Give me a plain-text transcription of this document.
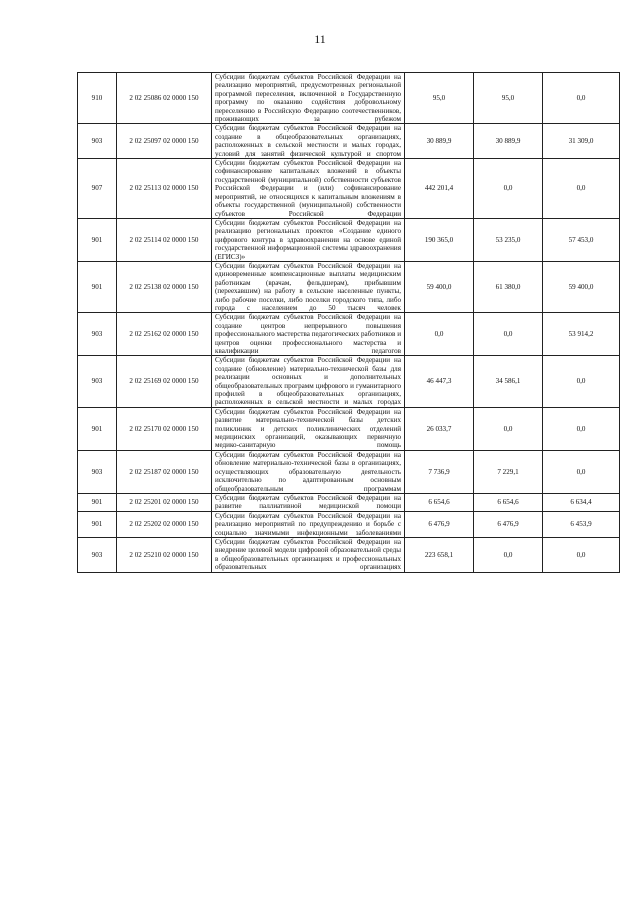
11
910	2 02 25086 02 0000 150	Субсидии бюджетам субъектов Российской Федерации на реализацию мероприятий, предусмотренных региональной программой переселения, включенной в Государственную программу по оказанию содействия добровольному переселению в Российскую Федерацию соотечественников, проживающих за рубежом	95,0	95,0	0,0
903	2 02 25097 02 0000 150	Субсидии бюджетам субъектов Российской Федерации на создание в общеобразовательных организациях, расположенных в сельской местности и малых городах, условий для занятий физической культурой и спортом	30 889,9	30 889,9	31 309,0
907	2 02 25113 02 0000 150	Субсидии бюджетам субъектов Российской Федерации на софинансирование капитальных вложений в объекты государственной (муниципальной) собственности субъектов Российской Федерации и (или) софинансирование мероприятий, не относящихся к капитальным вложениям в объекты государственной (муниципальной) собственности субъектов Российской Федерации	442 201,4	0,0	0,0
901	2 02 25114 02 0000 150	Субсидии бюджетам субъектов Российской Федерации на реализацию региональных проектов «Создание единого цифрового контура в здравоохранении на основе единой государственной информационной системы здравоохранения (ЕГИСЗ)»	190 365,0	53 235,0	57 453,0
901	2 02 25138 02 0000 150	Субсидии бюджетам субъектов Российской Федерации на единовременные компенсационные выплаты медицинским работникам (врачам, фельдшерам), прибывшим (переехавшим) на работу в сельские населенные пункты, либо рабочие поселки, либо поселки городского типа, либо города с населением до 50 тысяч человек	59 400,0	61 380,0	59 400,0
903	2 02 25162 02 0000 150	Субсидии бюджетам субъектов Российской Федерации на создание центров непрерывного повышения профессионального мастерства педагогических работников и центров оценки профессионального мастерства и квалификации педагогов	0,0	0,0	53 914,2
903	2 02 25169 02 0000 150	Субсидии бюджетам субъектов Российской Федерации на создание (обновление) материально-технической базы для реализации основных и дополнительных общеобразовательных программ цифрового и гуманитарного профилей в общеобразовательных организациях, расположенных в сельской местности и малых городах	46 447,3	34 586,1	0,0
901	2 02 25170 02 0000 150	Субсидии бюджетам субъектов Российской Федерации на развитие материально-технической базы детских поликлиник и детских поликлинических отделений медицинских организаций, оказывающих первичную медико-санитарную помощь	26 033,7	0,0	0,0
903	2 02 25187 02 0000 150	Субсидии бюджетам субъектов Российской Федерации на обновление материально-технической базы в организациях, осуществляющих образовательную деятельность исключительно по адаптированным основным общеобразовательным программам	7 736,9	7 229,1	0,0
901	2 02 25201 02 0000 150	Субсидии бюджетам субъектов Российской Федерации на развитие паллиативной медицинской помощи	6 654,6	6 654,6	6 634,4
901	2 02 25202 02 0000 150	Субсидии бюджетам субъектов Российской Федерации на реализацию мероприятий по предупреждению и борьбе с социально значимыми инфекционными заболеваниями	6 476,9	6 476,9	6 453,9
903	2 02 25210 02 0000 150	Субсидии бюджетам субъектов Российской Федерации на внедрение целевой модели цифровой образовательной среды в общеобразовательных организациях и профессиональных образовательных организациях	223 658,1	0,0	0,0
